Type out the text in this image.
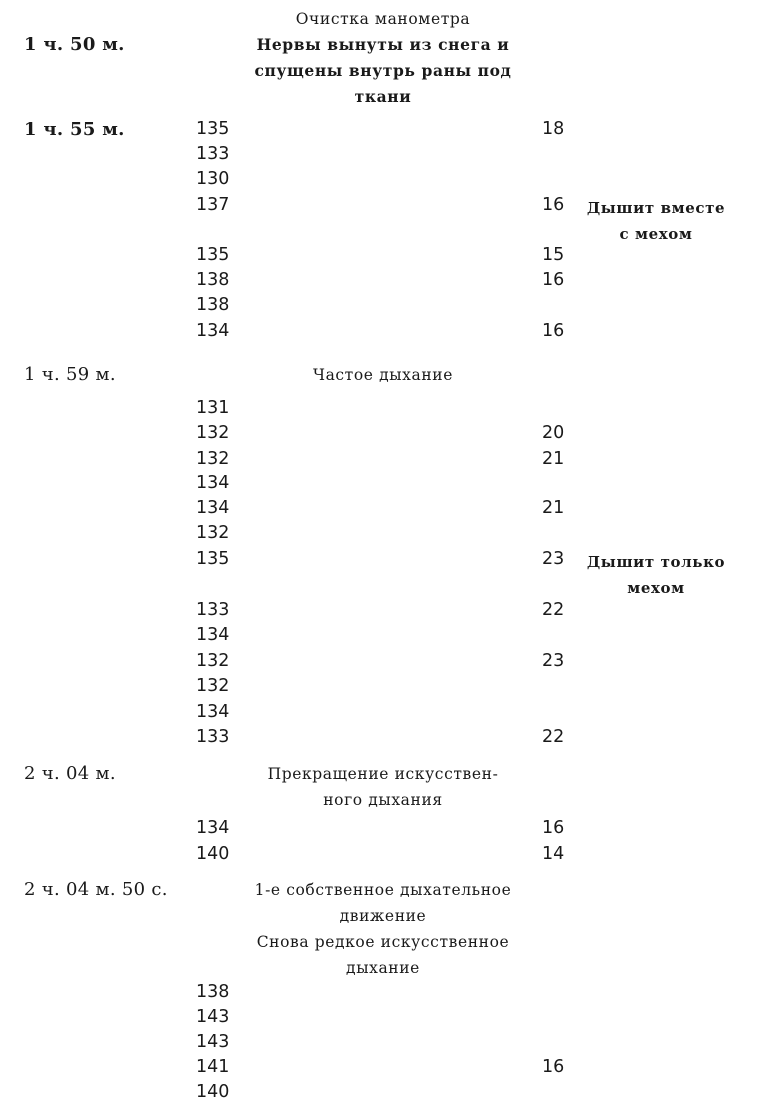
Очистка манометра
1 ч. 50 м.	Нервы вынуты из снега и
спущены внутрь раны под
ткани
1 ч. 55 м.	135	18
133
130
137	16	Дышит вместе
с мехом
135	15
138	16
138
134	16
1 ч. 59 м.	Частое дыхание
131
132	20
132	21
134
134	21
132
135	23	Дышит только
мехом
133	22
134
132	23
132
134
133	22
2 ч. 04 м.	Прекращение искусствен-
ного дыхания
134	16
140	14
2 ч. 04 м. 50 с.	1-е собственное дыхательное
движение
Снова редкое искусственное
дыхание
138
143
143
141	16
140
